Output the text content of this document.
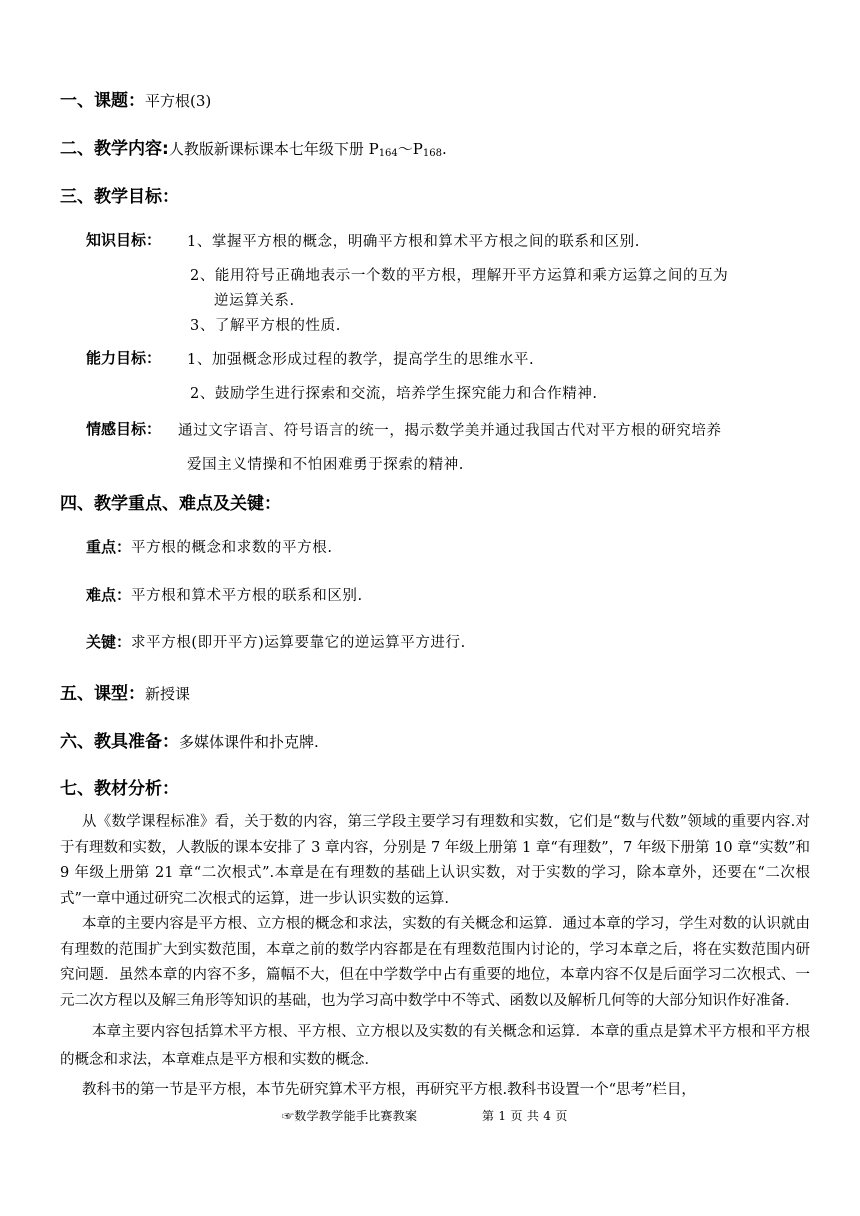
一、课题：平方根(3)
二、教学内容:人教版新课标课本七年级下册 $P_{164}\sim P_{168}$.
三、教学目标：
知识目标： 1、掌握平方根的概念，明确平方根和算术平方根之间的联系和区别.
2、能用符号正确地表示一个数的平方根，理解开平方运算和乘方运算之间的互为
逆运算关系.
3、了解平方根的性质.
能力目标： 1、加强概念形成过程的教学，提高学生的思维水平.
2、鼓励学生进行探索和交流，培养学生探究能力和合作精神.
情感目标： 通过文字语言、符号语言的统一，揭示数学美并通过我国古代对平方根的研究培养
爱国主义情操和不怕困难勇于探索的精神.
四、教学重点、难点及关键：
重点：平方根的概念和求数的平方根.
难点：平方根和算术平方根的联系和区别.
关键：求平方根(即开平方)运算要靠它的逆运算平方进行.
五、课型：新授课
六、教具准备：多媒体课件和扑克牌.
七、教材分析：
从《数学课程标准》看，关于数的内容，第三学段主要学习有理数和实数，它们是“数与代数”领域的重要内容.对于有理数和实数，人教版的课本安排了 3 章内容，分别是 7 年级上册第 1 章“有理数”，7 年级下册第 10 章“实数”和 9 年级上册第 21 章“二次根式”.本章是在有理数的基础上认识实数，对于实数的学习，除本章外，还要在“二次根式”一章中通过研究二次根式的运算，进一步认识实数的运算.
本章的主要内容是平方根、立方根的概念和求法，实数的有关概念和运算．通过本章的学习，学生对数的认识就由有理数的范围扩大到实数范围，本章之前的数学内容都是在有理数范围内讨论的，学习本章之后，将在实数范围内研究问题．虽然本章的内容不多，篇幅不大，但在中学数学中占有重要的地位，本章内容不仅是后面学习二次根式、一元二次方程以及解三角形等知识的基础，也为学习高中数学中不等式、函数以及解析几何等的大部分知识作好准备．
本章主要内容包括算术平方根、平方根、立方根以及实数的有关概念和运算．本章的重点是算术平方根和平方根的概念和求法，本章难点是平方根和实数的概念．
教科书的第一节是平方根，本节先研究算术平方根，再研究平方根.教科书设置一个“思考”栏目，
☞数学教学能手比赛教案	第 1 页 共 4 页
